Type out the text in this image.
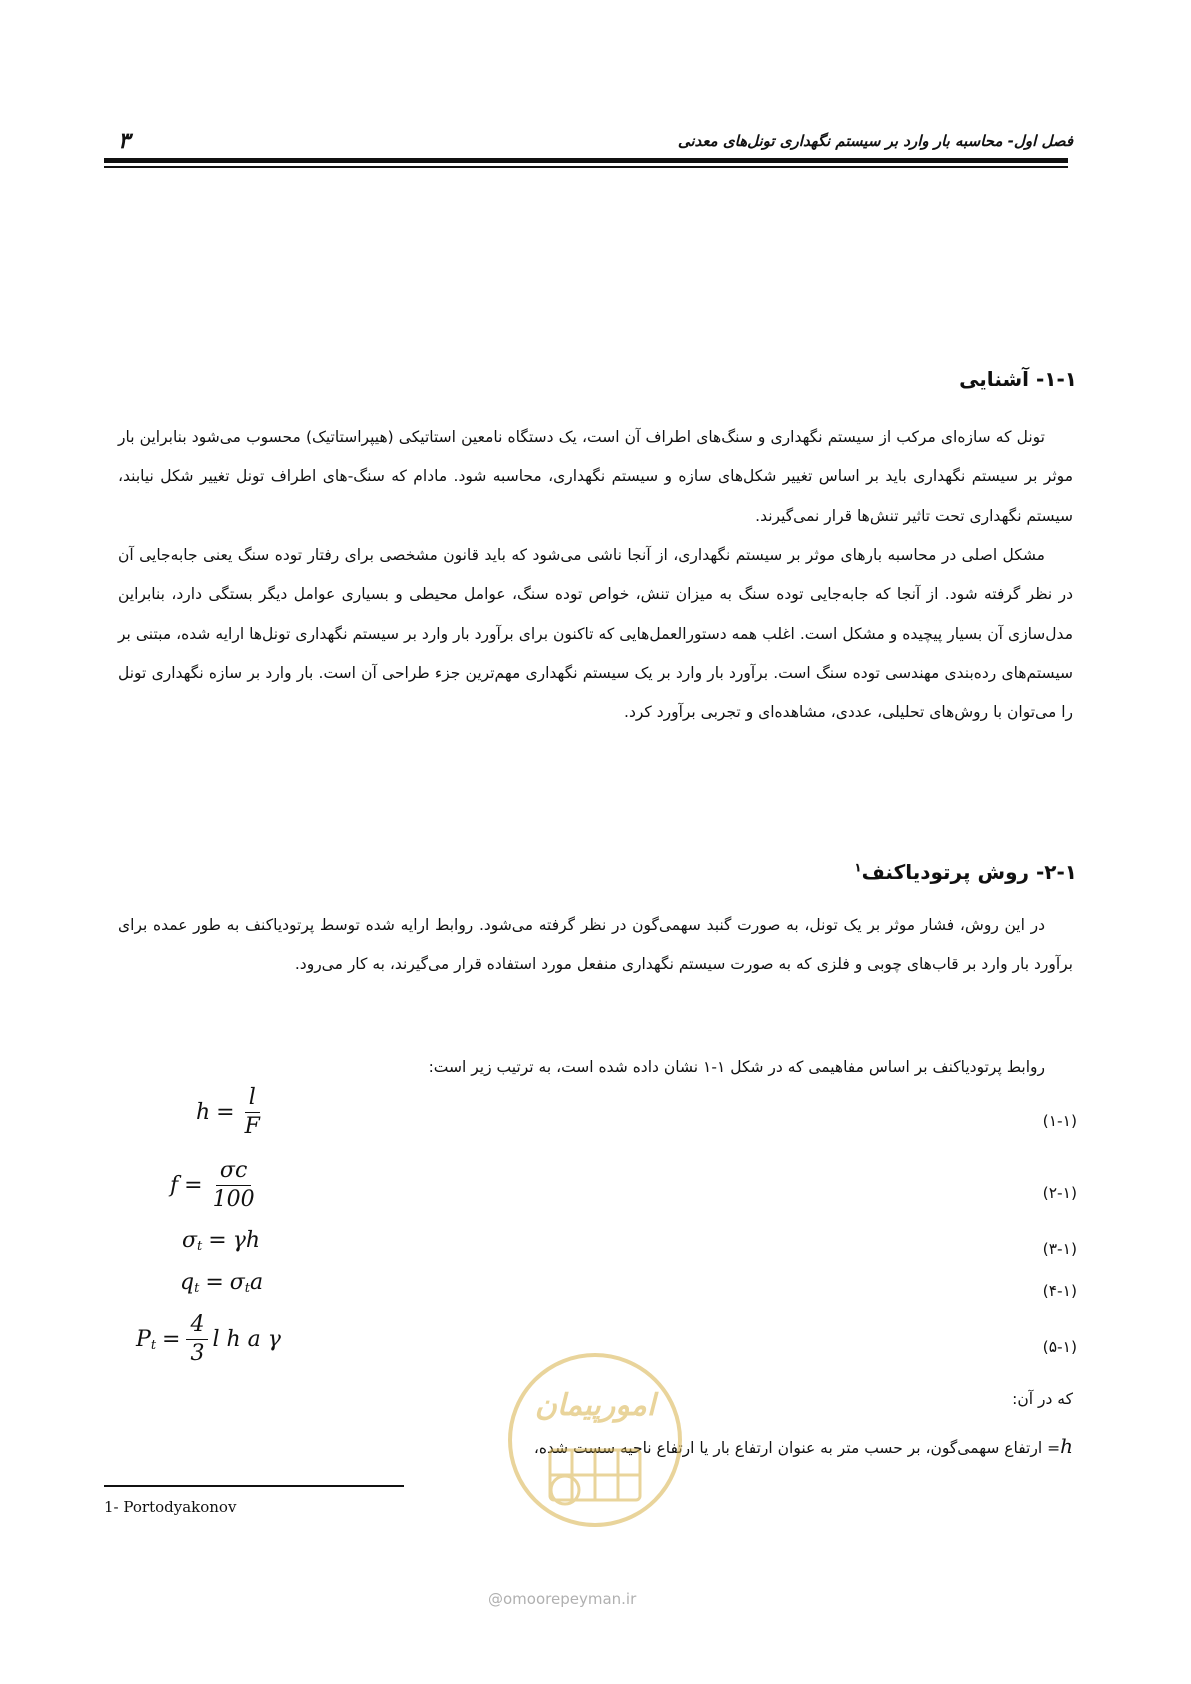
۳	فصل اول- محاسبه بار وارد بر سیستم نگهداری تونل‌های معدنی
۱-۱- آشنایی
تونل که سازه‌ای مرکب از سیستم نگهداری و سنگ‌های اطراف آن است، یک دستگاه نامعین استاتیکی (هیپراستاتیک) محسوب می‌شود بنابراین بار موثر بر سیستم نگهداری باید بر اساس تغییر شکل‌های سازه و سیستم نگهداری، محاسبه شود. مادام که سنگ-های اطراف تونل تغییر شکل نیابند، سیستم نگهداری تحت تاثیر تنش‌ها قرار نمی‌گیرند.
مشکل اصلی در محاسبه بارهای موثر بر سیستم نگهداری، از آنجا ناشی می‌شود که باید قانون مشخصی برای رفتار توده سنگ یعنی جابه‌جایی آن در نظر گرفته شود. از آنجا که جابه‌جایی توده سنگ به میزان تنش، خواص توده سنگ، عوامل محیطی و بسیاری عوامل دیگر بستگی دارد، بنابراین مدل‌سازی آن بسیار پیچیده و مشکل است. اغلب همه دستورالعمل‌هایی که تاکنون برای برآورد بار وارد بر سیستم نگهداری تونل‌ها ارایه شده، مبتنی بر سیستم‌های رده‌بندی مهندسی توده سنگ است. برآورد بار وارد بر یک سیستم نگهداری مهم‌ترین جزء طراحی آن است. بار وارد بر سازه نگهداری تونل را می‌توان با روش‌های تحلیلی، عددی، مشاهده‌ای و تجربی برآورد کرد.
۲-۱- روش پرتودیاکنف$^۱$
در این روش، فشار موثر بر یک تونل، به صورت گنبد سهمی‌گون در نظر گرفته می‌شود. روابط ارایه شده توسط پرتودیاکنف به طور عمده برای برآورد بار وارد بر قاب‌های چوبی و فلزی که به صورت سیستم نگهداری منفعل مورد استفاده قرار می‌گیرند، به کار می‌رود.
روابط پرتودیاکنف بر اساس مفاهیمی که در شکل ۱-۱ نشان داده شده است، به ترتیب زیر است:
$h = \frac{l}{F}$	(۱-۱)
$f = \frac{\sigma c}{100}$	(۲-۱)
σ t = γh	(۳-۱)
q t = σ t a	(۴-۱)
P $t = \frac{4}{3}$ l h a γ	(۵-۱)
که در آن:
h= ارتفاع سهمی‌گون، بر حسب متر به عنوان ارتفاع بار یا ارتفاع ناحیه سست شده،
1- Portodyakonov
امورپیمان
@omoorepeyman.ir
